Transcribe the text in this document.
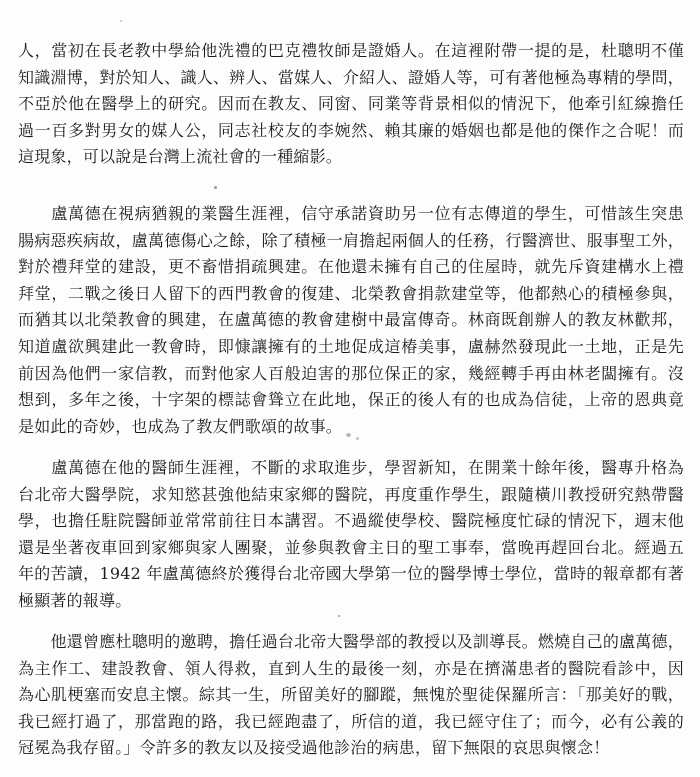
人，當初在長老教中學給他洗禮的巴克禮牧師是證婚人。在這裡附帶一提的是，杜聰明不僅
知識淵博，對於知人、識人、辨人、當媒人、介紹人、證婚人等，可有著他極為專精的學問，
不亞於他在醫學上的研究。因而在教友、同窗、同業等背景相似的情況下，他牽引紅線擔任
過一百多對男女的媒人公，同志社校友的李婉然、賴其廉的婚姻也都是他的傑作之合呢！而
這現象，可以說是台灣上流社會的一種縮影。
　　盧萬德在視病猶親的業醫生涯裡，信守承諾資助另一位有志傳道的學生，可惜該生突患
腸病惡疾病故，盧萬德傷心之餘，除了積極一肩擔起兩個人的任務，行醫濟世、服事聖工外，
對於禮拜堂的建設，更不畜惜捐疏興建。在他還未擁有自己的住屋時，就先斥資建構水上禮
拜堂，二戰之後日人留下的西門教會的復建、北榮教會捐款建堂等，他都熱心的積極參與，
而猶其以北榮教會的興建，在盧萬德的教會建樹中最富傳奇。林商既創辦人的教友林歡邦，
知道盧欲興建此一教會時，即慷讓擁有的土地促成這椿美事，盧赫然發現此一土地，正是先
前因為他們一家信教，而對他家人百般迫害的那位保正的家，幾經轉手再由林老闆擁有。沒
想到，多年之後，十字架的標誌會聳立在此地，保正的後人有的也成為信徒，上帝的恩典竟
是如此的奇妙，也成為了教友們歌頌的故事。
　　盧萬德在他的醫師生涯裡，不斷的求取進步，學習新知，在開業十餘年後，醫專升格為
台北帝大醫學院，求知慾甚強他結束家鄉的醫院，再度重作學生，跟隨橫川教授研究熱帶醫
學，也擔任駐院醫師並常常前往日本講習。不過縱使學校、醫院極度忙碌的情況下，週末他
還是坐著夜車回到家鄉與家人團聚，並參與教會主日的聖工事奉，當晚再趕回台北。經過五
年的苦讀，1942 年盧萬德終於獲得台北帝國大學第一位的醫學博士學位，當時的報章都有著
極顯著的報導。
　　他還曾應杜聰明的邀聘，擔任過台北帝大醫學部的教授以及訓導長。燃燒自己的盧萬德，
為主作工、建設教會、領人得救，直到人生的最後一刻，亦是在擠滿患者的醫院看診中，因
為心肌梗塞而安息主懷。綜其一生，所留美好的腳蹤，無愧於聖徒保羅所言：「那美好的戰，
我已經打過了，那當跑的路，我已經跑盡了，所信的道，我已經守住了；而今，必有公義的
冠冕為我存留。」令許多的教友以及接受過他診治的病患，留下無限的哀思與懷念！
